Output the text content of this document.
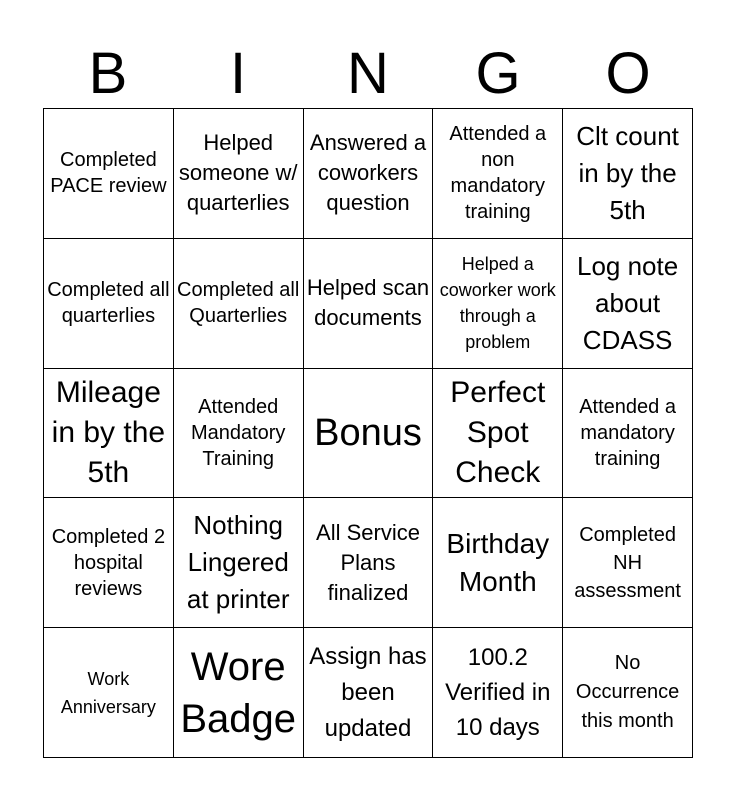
B	I	N	G	O
Completed PACE review
Helped someone w/ quarterlies
Answered a coworkers question
Attended a non mandatory training
Clt count in by the 5th
Completed all quarterlies
Completed all Quarterlies
Helped scan documents
Helped a coworker work through a problem
Log note about CDASS
Mileage in by the 5th
Attended Mandatory Training
Bonus
Perfect Spot Check
Attended a mandatory training
Completed 2 hospital reviews
Nothing Lingered at printer
All Service Plans finalized
Birthday Month
Completed NH assessment
Work Anniversary
Wore Badge
Assign has been updated
100.2 Verified in 10 days
No Occurrence this month
